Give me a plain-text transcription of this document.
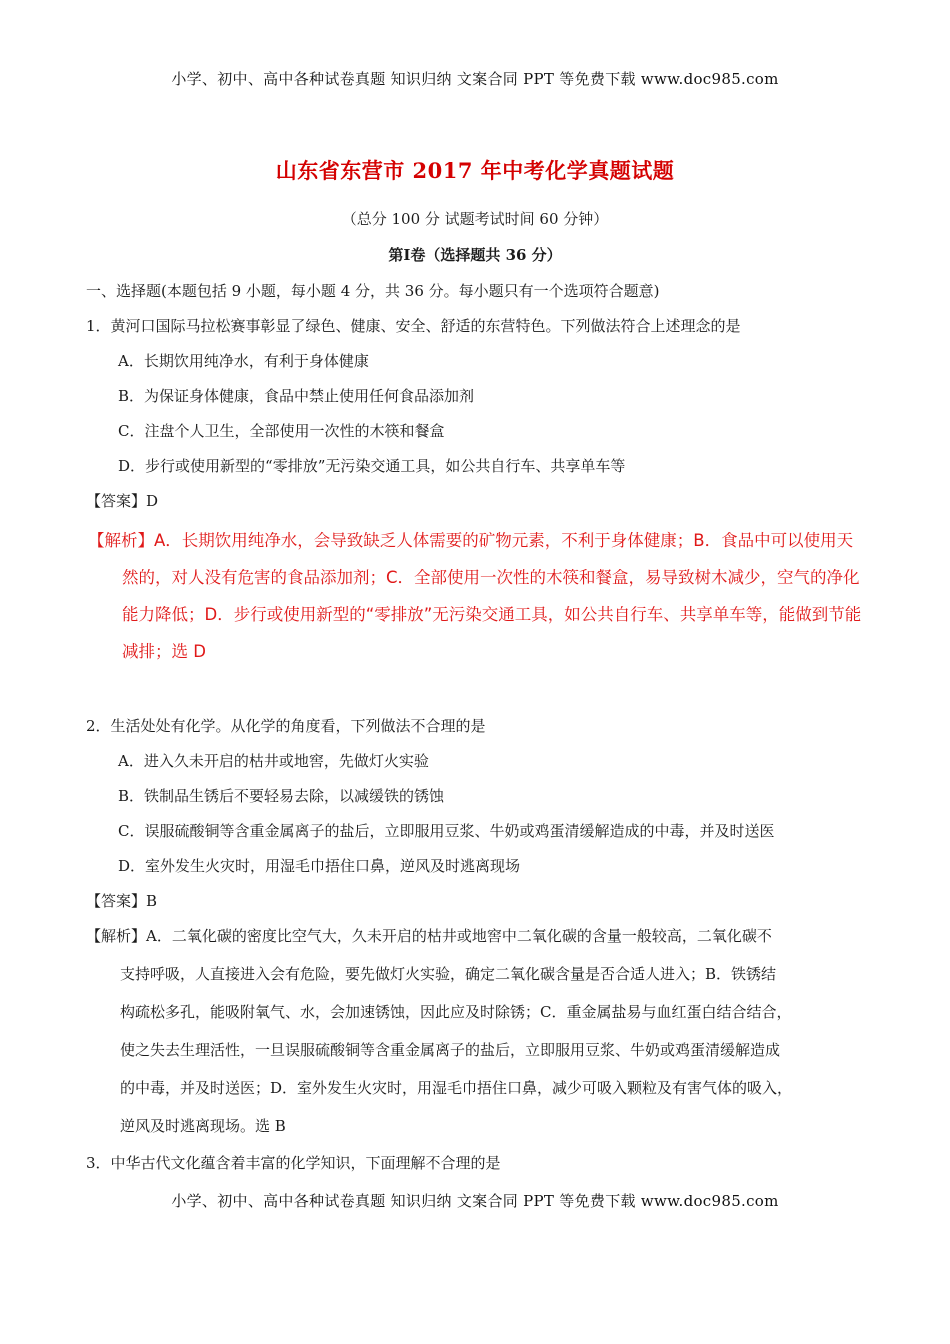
小学、初中、高中各种试卷真题 知识归纳 文案合同 PPT 等免费下载 www.doc985.com
山东省东营市 2017 年中考化学真题试题
（总分 100 分 试题考试时间 60 分钟）
第Ⅰ卷（选择题共 36 分）
一、选择题(本题包括 9 小题，每小题 4 分，共 36 分。每小题只有一个选项符合题意)
1．黄河口国际马拉松赛事彰显了绿色、健康、安全、舒适的东营特色。下列做法符合上述理念的是
A．长期饮用纯净水，有利于身体健康
B．为保证身体健康，食品中禁止使用任何食品添加剂
C．注盘个人卫生，全部使用一次性的木筷和餐盒
D．步行或使用新型的“零排放”无污染交通工具，如公共自行车、共享单车等
【答案】D
【解析】A．长期饮用纯净水，会导致缺乏人体需要的矿物元素，不利于身体健康；B．食品中可以使用天
然的，对人没有危害的食品添加剂；C．全部使用一次性的木筷和餐盒，易导致树木减少，空气的净化
能力降低；D．步行或使用新型的“零排放”无污染交通工具，如公共自行车、共享单车等，能做到节能
减排；选 D
2．生活处处有化学。从化学的角度看，下列做法不合理的是
A．进入久未开启的枯井或地窖，先做灯火实验
B．铁制品生锈后不要轻易去除，以减缓铁的锈蚀
C．误服硫酸铜等含重金属离子的盐后，立即服用豆浆、牛奶或鸡蛋清缓解造成的中毒，并及时送医
D．室外发生火灾时，用湿毛巾捂住口鼻，逆风及时逃离现场
【答案】B
【解析】A．二氧化碳的密度比空气大，久未开启的枯井或地窖中二氧化碳的含量一般较高，二氧化碳不
支持呼吸，人直接进入会有危险，要先做灯火实验，确定二氧化碳含量是否合适人进入；B．铁锈结
构疏松多孔，能吸附氧气、水，会加速锈蚀，因此应及时除锈；C．重金属盐易与血红蛋白结合结合，
使之失去生理活性，一旦误服硫酸铜等含重金属离子的盐后，立即服用豆浆、牛奶或鸡蛋清缓解造成
的中毒，并及时送医；D．室外发生火灾时，用湿毛巾捂住口鼻，减少可吸入颗粒及有害气体的吸入，
逆风及时逃离现场。选 B
3．中华古代文化蕴含着丰富的化学知识，下面理解不合理的是
小学、初中、高中各种试卷真题 知识归纳 文案合同 PPT 等免费下载 www.doc985.com
